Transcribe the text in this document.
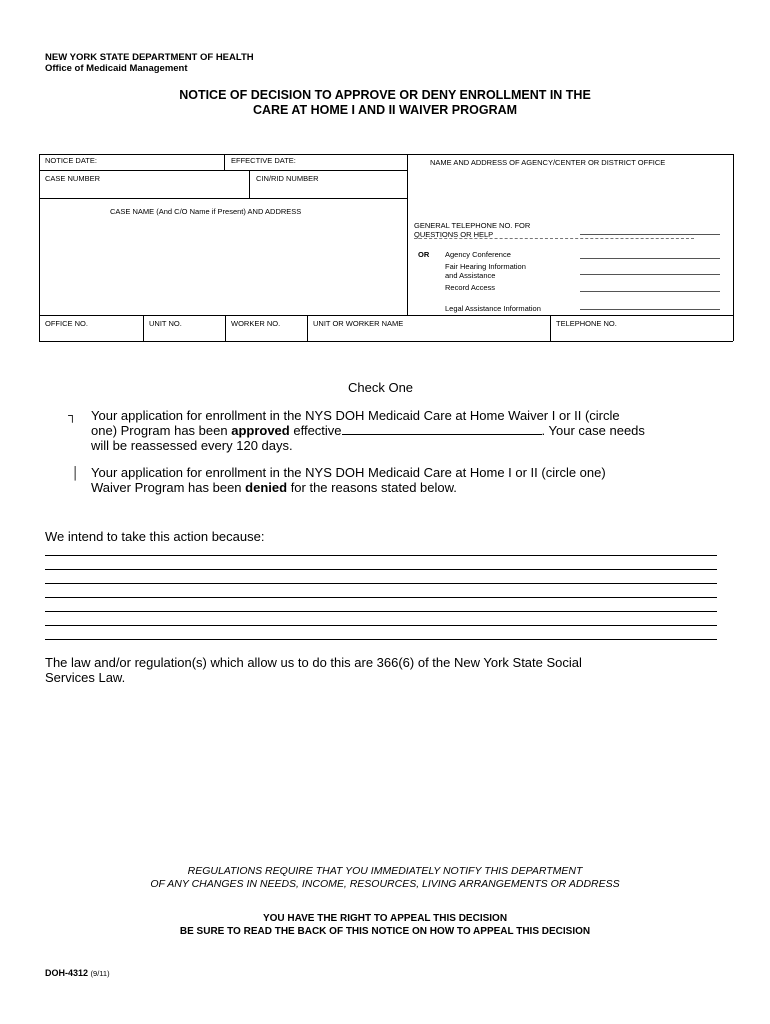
NEW YORK STATE DEPARTMENT OF HEALTH
Office of Medicaid Management
NOTICE OF DECISION TO APPROVE OR DENY ENROLLMENT IN THE
CARE AT HOME I AND II WAIVER PROGRAM
NOTICE DATE:	EFFECTIVE DATE:	NAME AND ADDRESS OF AGENCY/CENTER OR DISTRICT OFFICE
CASE NUMBER	CIN/RID NUMBER
CASE NAME (And C/O Name if Present) AND ADDRESS
GENERAL TELEPHONE NO. FOR
QUESTIONS OR HELP
OR Agency Conference
Fair Hearing Information
and Assistance
Record Access
Legal Assistance Information
OFFICE NO.	UNIT NO.	WORKER NO.	UNIT OR WORKER NAME	TELEPHONE NO.
Check One
┐ Your application for enrollment in the NYS DOH Medicaid Care at Home Waiver I or II (circle
one) Program has been approved effective	. Your case needs
will be reassessed every 120 days.
│ Your application for enrollment in the NYS DOH Medicaid Care at Home I or II (circle one)
Waiver Program has been denied for the reasons stated below.
We intend to take this action because:
The law and/or regulation(s) which allow us to do this are 366(6) of the New York State Social
Services Law.
REGULATIONS REQUIRE THAT YOU IMMEDIATELY NOTIFY THIS DEPARTMENT
OF ANY CHANGES IN NEEDS, INCOME, RESOURCES, LIVING ARRANGEMENTS OR ADDRESS
YOU HAVE THE RIGHT TO APPEAL THIS DECISION
BE SURE TO READ THE BACK OF THIS NOTICE ON HOW TO APPEAL THIS DECISION
DOH-4312 (9/11)
